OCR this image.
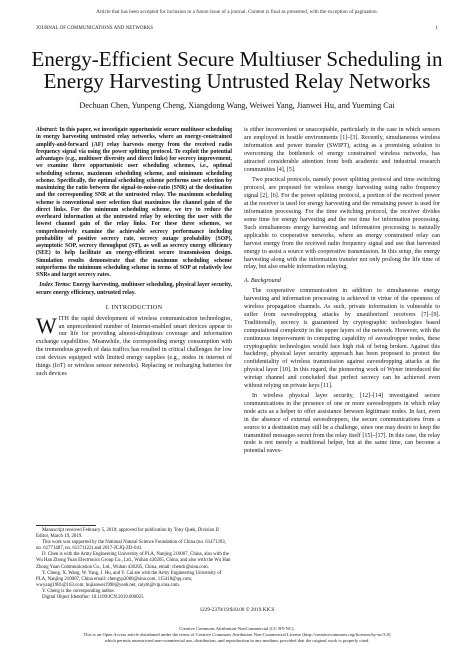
Article that has been accepted for inclusion in a future issue of a journal. Content is final as presented, with the exception of pagination.
JOURNAL OF COMMUNICATIONS AND NETWORKS	1
Energy-Efficient Secure Multiuser Scheduling in Energy Harvesting Untrusted Relay Networks
Dechuan Chen, Yunpeng Cheng, Xiangdong Wang, Weiwei Yang, Jianwei Hu, and Yueming Cai
Abstract: In this paper, we investigate opportunistic secure multiuser scheduling in energy harvesting untrusted relay networks, where an energy-constrained amplify-and-forward (AF) relay harvests energy from the received radio frequency signal via using the power splitting protocol. To exploit the potential advantages (e.g., multiuser diversity and direct links) for secrecy improvement, we examine three opportunistic user scheduling schemes, i.e., optimal scheduling scheme, maximum scheduling scheme, and minimum scheduling scheme. Specifically, the optimal scheduling scheme performs user selection by maximizing the ratio between the signal-to-noise-ratio (SNR) at the destination and the corresponding SNR at the untrusted relay. The maximum scheduling scheme is conventional user selection that maximizes the channel gain of the direct links. For the minimum scheduling scheme, we try to reduce the overheard information at the untrusted relay by selecting the user with the lowest channel gain of the relay links. For these three schemes, we comprehensively examine the achievable secrecy performance including probability of positive secrecy rate, secrecy outage probability (SOP), asymptotic SOP, secrecy throughput (ST), as well as secrecy energy efficiency (SEE) to help facilitate an energy-efficient secure transmission design. Simulation results demonstrate that the maximum scheduling scheme outperforms the minimum scheduling scheme in terms of SOP at relatively low SNRs and target secrecy rates.
Index Terms: Energy harvesting, multiuser scheduling, physical layer security, secure energy efficiency, untrusted relay.
I. INTRODUCTION

WITH the rapid development of wireless communication technologies, an unprecedented number of Internet-enabled smart devices appear to our life for providing almost-ubiquitous coverage and information exchange capabilities. Meanwhile, the corresponding energy consumption with the tremendous growth of data traffics has resulted in critical challenges for low cost devices equipped with limited energy supplies (e.g., nodes in internet of things (IoT) or wireless sensor networks). Replacing or recharging batteries for such devices

Manuscript received February 5, 2018; approved for publication by Tony Quek, Division II Editor, March 19, 2019.

This work was supported by the National Natural Science Foundation of China (no. 61471393, no. 61771487, no. 61371122) and 2017-JCJQ-ZD-041.

D. Chen is with the Army Engineering University of PLA, Nanjing 210007, China, also with the Wu Han Zhong Yuan Electronics Group Co., Ltd., Wuhan 430205, China, and also with the Wu Han Zhong Yuan Communication Co., Ltd., Wuhan 430205, China, email: chendc@sina.com.

Y. Cheng, X. Wang, W. Yang, J. Hu, and Y. Cai are with the Army Engineering University of PLA, Nanjing 210007, China email: chengyp2000@sina.com, 115418@qq.com, wwyang1981@163.com, hujianwei1990@yeah.net, caiym@vip.sina.com.

Y. Cheng is the corresponding author.

Digital Object Identifier: 10.1109/JCN.2019.000025

is either inconvenient or unacceptable, particularly in the case in which sensors are employed in hostile environments [1]–[3]. Recently, simultaneous wireless information and power transfer (SWIPT), acting as a promising solution to overcoming the bottleneck of energy constrained wireless networks, has attracted considerable attention from both academic and industrial research communities [4], [5].

Two practical protocols, namely power splitting protocol and time switching protocol, are proposed for wireless energy harvesting using radio frequency signal [2], [6]. For the power splitting protocol, a portion of the received power at the receiver is used for energy harvesting and the remaining power is used for information processing. For the time switching protocol, the receiver divides some time for energy harvesting and the rest time for information processing. Such simultaneous energy harvesting and information processing is naturally applicable to cooperative networks, where an energy constrained relay can harvest energy from the received radio frequency signal and use that harvested energy to assist a source with cooperative transmission. In this setup, the energy harvesting along with the information transfer not only prolong the life time of relay, but also enable information relaying.

A. Background

The cooperative communication in addition to simultaneous energy harvesting and information processing is achieved in virtue of the openness of wireless propagation channels. As such, private information is vulnerable to suffer from eavesdropping attacks by unauthorized receivers [7]–[9]. Traditionally, secrecy is guaranteed by cryptographic technologies based computational complexity in the upper layers of the network. However, with the continuous improvement in computing capability of eavesdropper nodes, these cryptographic technologies would face high risk of being broken. Against this backdrop, physical layer security approach has been proposed to protect the confidentiality of wireless transmission against eavesdropping attacks at the physical layer [10]. In this regard, the pioneering work of Wyner introduced the wiretap channel and concluded that perfect secrecy can be achieved even without relying on private keys [11].

In wireless physical layer security, [12]–[14] investigated secure communications in the presence of one or more eavesdroppers in which relay node acts as a helper to offer assistance between legitimate nodes. In fact, even in the absence of external eavesdroppers, the secure communications from a source to a destination may still be a challenge, since one may desire to keep the transmitted messages secret from the relay itself [15]–[17]. In this case, the relay node is not merely a traditional helper, but at the same time, can become a potential eaves-

1229-2370/19/$10.00 © 2019 KICS
Creative Commons Attribution-NonCommercial (CC BY-NC).
This is an Open Access article distributed under the terms of Creative Commons Attribution Non-Commercial License (http://creativecommons.org/licenses/by-nc/3.0)
which permits unrestricted non-commercial use, distribution, and reproduction in any medium, provided that the original work is properly cited.
